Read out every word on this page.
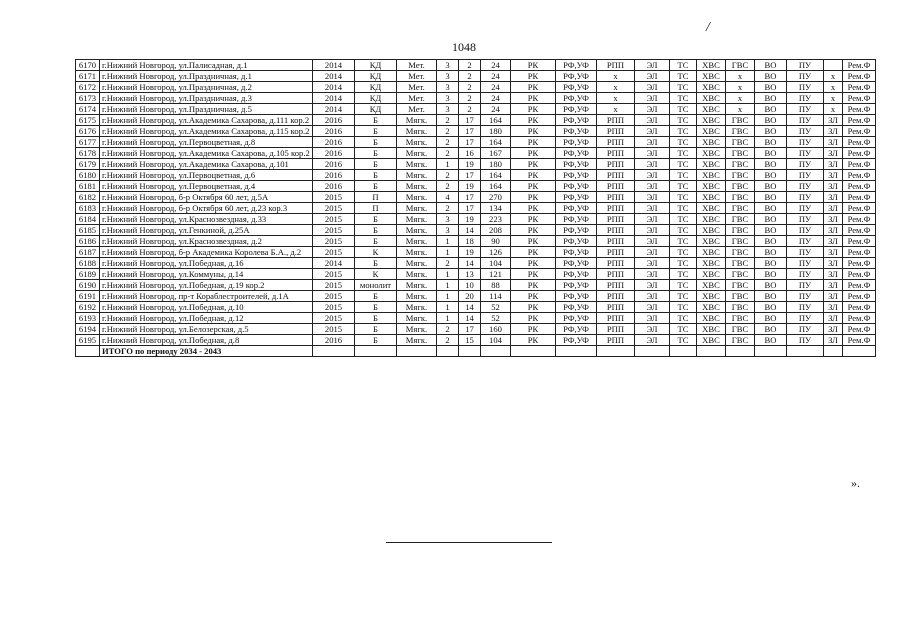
/
1048
6170	г.Нижний Новгород, ул.Палисадная, д.1	2014	КД	Мет.	3	2	24	РК	РФ,УФ	РПП	ЭЛ	ТС	ХВС	ГВС	ВО	ПУ		Рем.Ф
6171	г.Нижний Новгород, ул.Праздничная, д.1	2014	КД	Мет.	3	2	24	РК	РФ,УФ	х	ЭЛ	ТС	ХВС	х	ВО	ПУ	х	Рем.Ф
6172	г.Нижний Новгород, ул.Праздничная, д.2	2014	КД	Мет.	3	2	24	РК	РФ,УФ	х	ЭЛ	ТС	ХВС	х	ВО	ПУ	х	Рем.Ф
6173	г.Нижний Новгород, ул.Праздничная, д.3	2014	КД	Мет.	3	2	24	РК	РФ,УФ	х	ЭЛ	ТС	ХВС	х	ВО	ПУ	х	Рем.Ф
6174	г.Нижний Новгород, ул.Праздничная, д.5	2014	КД	Мет.	3	2	24	РК	РФ,УФ	х	ЭЛ	ТС	ХВС	х	ВО	ПУ	х	Рем.Ф
6175	г.Нижний Новгород, ул.Академика Сахарова, д.111 кор.2	2016	Б	Мягк.	2	17	164	РК	РФ,УФ	РПП	ЭЛ	ТС	ХВС	ГВС	ВО	ПУ	ЗЛ	Рем.Ф
6176	г.Нижний Новгород, ул.Академика Сахарова, д.115 кор.2	2016	Б	Мягк.	2	17	180	РК	РФ,УФ	РПП	ЭЛ	ТС	ХВС	ГВС	ВО	ПУ	ЗЛ	Рем.Ф
6177	г.Нижний Новгород, ул.Первоцветная, д.8	2016	Б	Мягк.	2	17	164	РК	РФ,УФ	РПП	ЭЛ	ТС	ХВС	ГВС	ВО	ПУ	ЗЛ	Рем.Ф
6178	г.Нижний Новгород, ул.Академика Сахарова, д.105 кор.2	2016	Б	Мягк.	2	16	167	РК	РФ,УФ	РПП	ЭЛ	ТС	ХВС	ГВС	ВО	ПУ	ЗЛ	Рем.Ф
6179	г.Нижний Новгород, ул.Академика Сахарова, д.101	2016	Б	Мягк.	1	19	180	РК	РФ,УФ	РПП	ЭЛ	ТС	ХВС	ГВС	ВО	ПУ	ЗЛ	Рем.Ф
6180	г.Нижний Новгород, ул.Первоцветная, д.6	2016	Б	Мягк.	2	17	164	РК	РФ,УФ	РПП	ЭЛ	ТС	ХВС	ГВС	ВО	ПУ	ЗЛ	Рем.Ф
6181	г.Нижний Новгород, ул.Первоцветная, д.4	2016	Б	Мягк.	2	19	164	РК	РФ,УФ	РПП	ЭЛ	ТС	ХВС	ГВС	ВО	ПУ	ЗЛ	Рем.Ф
6182	г.Нижний Новгород, б-р Октября 60 лет, д.5А	2015	П	Мягк.	4	17	270	РК	РФ,УФ	РПП	ЭЛ	ТС	ХВС	ГВС	ВО	ПУ	ЗЛ	Рем.Ф
6183	г.Нижний Новгород, б-р Октября 60 лет, д.23 кор.3	2015	П	Мягк.	2	17	134	РК	РФ,УФ	РПП	ЭЛ	ТС	ХВС	ГВС	ВО	ПУ	ЗЛ	Рем.Ф
6184	г.Нижний Новгород, ул.Краснозвездная, д.33	2015	Б	Мягк.	3	19	223	РК	РФ,УФ	РПП	ЭЛ	ТС	ХВС	ГВС	ВО	ПУ	ЗЛ	Рем.Ф
6185	г.Нижний Новгород, ул.Генкиной, д.25А	2015	Б	Мягк.	3	14	208	РК	РФ,УФ	РПП	ЭЛ	ТС	ХВС	ГВС	ВО	ПУ	ЗЛ	Рем.Ф
6186	г.Нижний Новгород, ул.Краснозвездная, д.2	2015	Б	Мягк.	1	18	90	РК	РФ,УФ	РПП	ЭЛ	ТС	ХВС	ГВС	ВО	ПУ	ЗЛ	Рем.Ф
6187	г.Нижний Новгород, б-р Академика Королева Б.А., д.2	2015	К	Мягк.	1	19	126	РК	РФ,УФ	РПП	ЭЛ	ТС	ХВС	ГВС	ВО	ПУ	ЗЛ	Рем.Ф
6188	г.Нижний Новгород, ул.Победная, д.16	2014	Б	Мягк.	2	14	104	РК	РФ,УФ	РПП	ЭЛ	ТС	ХВС	ГВС	ВО	ПУ	ЗЛ	Рем.Ф
6189	г.Нижний Новгород, ул.Коммуны, д.14	2015	К	Мягк.	1	13	121	РК	РФ,УФ	РПП	ЭЛ	ТС	ХВС	ГВС	ВО	ПУ	ЗЛ	Рем.Ф
6190	г.Нижний Новгород, ул.Победная, д.19 кор.2	2015	монолит	Мягк.	1	10	88	РК	РФ,УФ	РПП	ЭЛ	ТС	ХВС	ГВС	ВО	ПУ	ЗЛ	Рем.Ф
6191	г.Нижний Новгород, пр-т Кораблестроителей, д.1А	2015	Б	Мягк.	1	20	114	РК	РФ,УФ	РПП	ЭЛ	ТС	ХВС	ГВС	ВО	ПУ	ЗЛ	Рем.Ф
6192	г.Нижний Новгород, ул.Победная, д.10	2015	Б	Мягк.	1	14	52	РК	РФ,УФ	РПП	ЭЛ	ТС	ХВС	ГВС	ВО	ПУ	ЗЛ	Рем.Ф
6193	г.Нижний Новгород, ул.Победная, д.12	2015	Б	Мягк.	1	14	52	РК	РФ,УФ	РПП	ЭЛ	ТС	ХВС	ГВС	ВО	ПУ	ЗЛ	Рем.Ф
6194	г.Нижний Новгород, ул.Белозерская, д.5	2015	Б	Мягк.	2	17	160	РК	РФ,УФ	РПП	ЭЛ	ТС	ХВС	ГВС	ВО	ПУ	ЗЛ	Рем.Ф
6195	г.Нижний Новгород, ул.Победная, д.8	2016	Б	Мягк.	2	15	104	РК	РФ,УФ	РПП	ЭЛ	ТС	ХВС	ГВС	ВО	ПУ	ЗЛ	Рем.Ф
	ИТОГО по периоду 2034 - 2043																	
».
